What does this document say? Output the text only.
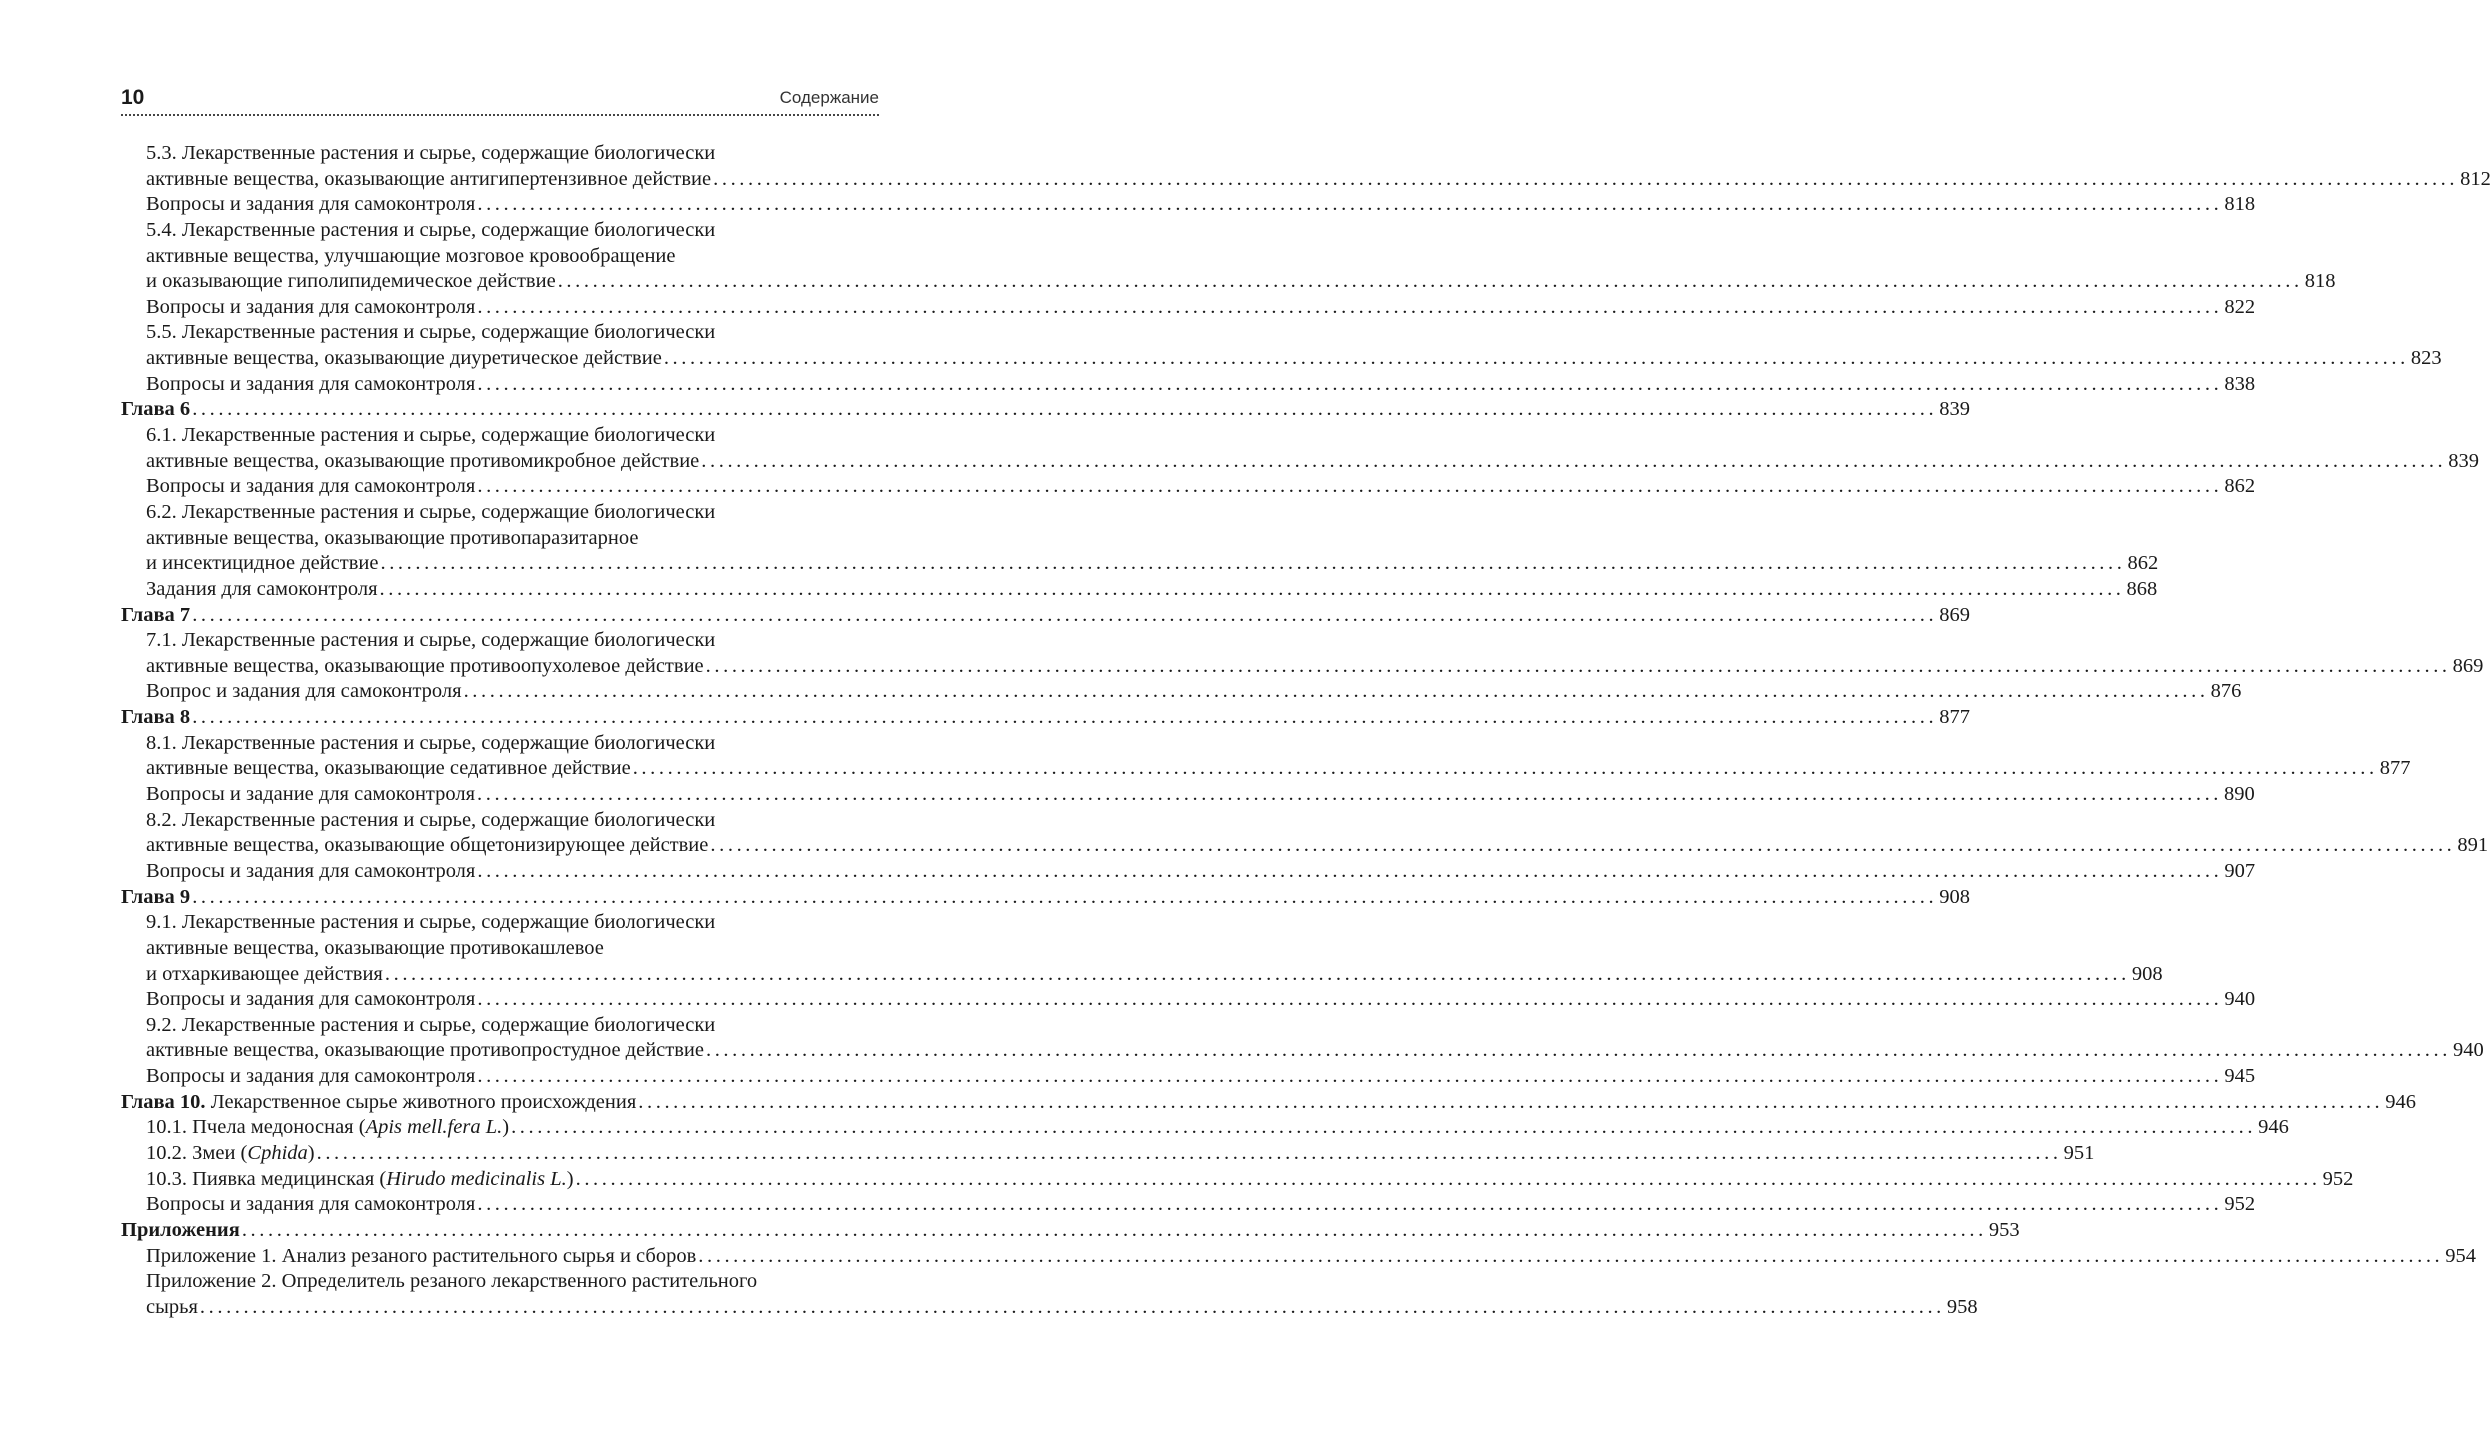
10	Содержание
5.3. Лекарственные растения и сырье, содержащие биологически
активные вещества, оказывающие антигипертензивное действие ........................................................................................................................................................................................................ 812
Вопросы и задания для самоконтроля ........................................................................................................................................................................................................ 818
5.4. Лекарственные растения и сырье, содержащие биологически
активные вещества, улучшающие мозговое кровообращение
и оказывающие гиполипидемическое действие ........................................................................................................................................................................................................ 818
Вопросы и задания для самоконтроля ........................................................................................................................................................................................................ 822
5.5. Лекарственные растения и сырье, содержащие биологически
активные вещества, оказывающие диуретическое действие ........................................................................................................................................................................................................ 823
Вопросы и задания для самоконтроля ........................................................................................................................................................................................................ 838
Глава 6 ........................................................................................................................................................................................................ 839
6.1. Лекарственные растения и сырье, содержащие биологически
активные вещества, оказывающие противомикробное действие ........................................................................................................................................................................................................ 839
Вопросы и задания для самоконтроля ........................................................................................................................................................................................................ 862
6.2. Лекарственные растения и сырье, содержащие биологически
активные вещества, оказывающие противопаразитарное
и инсектицидное действие ........................................................................................................................................................................................................ 862
Задания для самоконтроля ........................................................................................................................................................................................................ 868
Глава 7 ........................................................................................................................................................................................................ 869
7.1. Лекарственные растения и сырье, содержащие биологически
активные вещества, оказывающие противоопухолевое действие ........................................................................................................................................................................................................ 869
Вопрос и задания для самоконтроля ........................................................................................................................................................................................................ 876
Глава 8 ........................................................................................................................................................................................................ 877
8.1. Лекарственные растения и сырье, содержащие биологически
активные вещества, оказывающие седативное действие ........................................................................................................................................................................................................ 877
Вопросы и задание для самоконтроля ........................................................................................................................................................................................................ 890
8.2. Лекарственные растения и сырье, содержащие биологически
активные вещества, оказывающие общетонизирующее действие ........................................................................................................................................................................................................ 891
Вопросы и задания для самоконтроля ........................................................................................................................................................................................................ 907
Глава 9 ........................................................................................................................................................................................................ 908
9.1. Лекарственные растения и сырье, содержащие биологически
активные вещества, оказывающие противокашлевое
и отхаркивающее действия ........................................................................................................................................................................................................ 908
Вопросы и задания для самоконтроля ........................................................................................................................................................................................................ 940
9.2. Лекарственные растения и сырье, содержащие биологически
активные вещества, оказывающие противопростудное действие ........................................................................................................................................................................................................ 940
Вопросы и задания для самоконтроля ........................................................................................................................................................................................................ 945
Глава 10. Лекарственное сырье животного происхождения ........................................................................................................................................................................................................ 946
10.1. Пчела медоносная (Apis mell.fera L.) ........................................................................................................................................................................................................ 946
10.2. Змеи (Cphida) ........................................................................................................................................................................................................ 951
10.3. Пиявка медицинская (Hirudo medicinalis L.) ........................................................................................................................................................................................................ 952
Вопросы и задания для самоконтроля ........................................................................................................................................................................................................ 952
Приложения ........................................................................................................................................................................................................ 953
Приложение 1. Анализ резаного растительного сырья и сборов ........................................................................................................................................................................................................ 954
Приложение 2. Определитель резаного лекарственного растительного
сырья ........................................................................................................................................................................................................ 958
